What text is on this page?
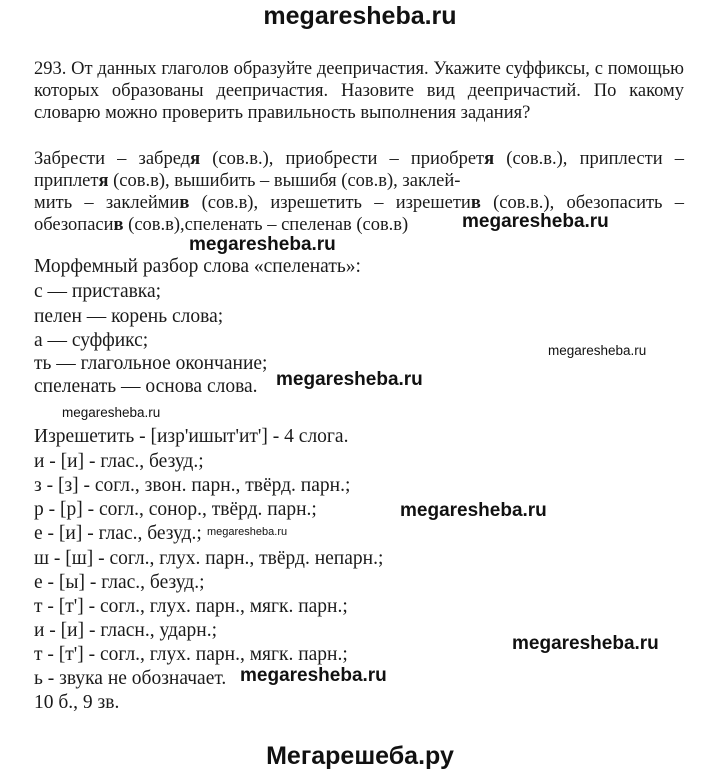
megaresheba.ru
293. От данных глаголов образуйте деепричастия. Укажите суффиксы, с помощью которых образованы деепричастия. Назовите вид деепричастий. По какому словарю можно проверить правильность выполнения задания?
Забрести – забредя (сов.в.), приобрести – приобретя (сов.в.), приплести –
приплетя (сов.в), вышибить – вышибя (сов.в), заклей-
мить – заклеймив (сов.в), изрешетить – изрешетив (сов.в.), обезопасить –
обезопасив (сов.в),спеленать – спеленав (сов.в)
Морфемный разбор слова «спеленать»:
с — приставка;
пелен — корень слова;
а — суффикс;
ть — глагольное окончание;
спеленать — основа слова.
Изрешетить - [изр'ишыт'ит'] - 4 слога.
и - [и] - глас., безуд.;
з - [з] - согл., звон. парн., твёрд. парн.;
р - [р] - согл., сонор., твёрд. парн.;
е - [и] - глас., безуд.;
ш - [ш] - согл., глух. парн., твёрд. непарн.;
е - [ы] - глас., безуд.;
т - [т'] - согл., глух. парн., мягк. парн.;
и - [и] - гласн., ударн.;
т - [т'] - согл., глух. парн., мягк. парн.;
ь - звука не обозначает.
10 б., 9 зв.
megaresheba.ru
megaresheba.ru
megaresheba.ru
megaresheba.ru
megaresheba.ru
megaresheba.ru
megaresheba.ru
megaresheba.ru
megaresheba.ru
Мегарешеба.ру
